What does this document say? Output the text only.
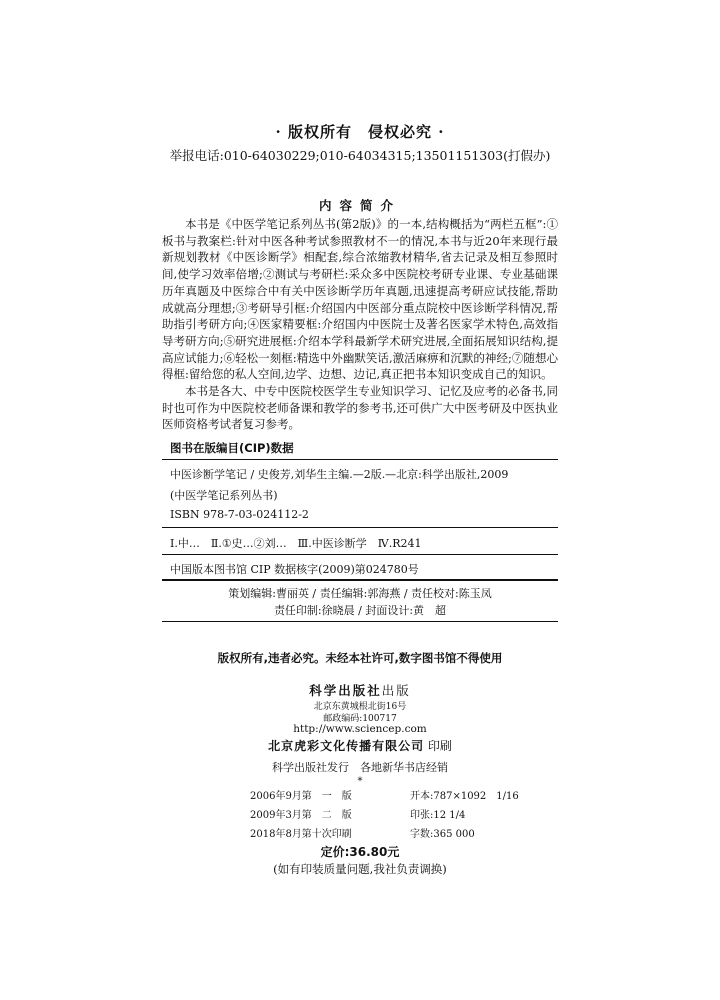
· 版权所有　侵权必究 ·
举报电话:010-64030229;010-64034315;13501151303(打假办)
内容简介

本书是《中医学笔记系列丛书(第2版)》的一本,结构概括为“两栏五框”:①板书与教案栏:针对中医各种考试参照教材不一的情况,本书与近20年来现行最新规划教材《中医诊断学》相配套,综合浓缩教材精华,省去记录及相互参照时间,使学习效率倍增;②测试与考研栏:采众多中医院校考研专业课、专业基础课历年真题及中医综合中有关中医诊断学历年真题,迅速提高考研应试技能,帮助成就高分理想;③考研导引框:介绍国内中医部分重点院校中医诊断学科情况,帮助指引考研方向;④医家精要框:介绍国内中医院士及著名医家学术特色,高效指导考研方向;⑤研究进展框:介绍本学科最新学术研究进展,全面拓展知识结构,提高应试能力;⑥轻松一刻框:精选中外幽默笑话,激活麻痹和沉默的神经;⑦随想心得框:留给您的私人空间,边学、边想、边记,真正把书本知识变成自己的知识。

本书是各大、中专中医院校医学生专业知识学习、记忆及应考的必备书,同时也可作为中医院校老师备课和教学的参考书,还可供广大中医考研及中医执业医师资格考试者复习参考。

图书在版编目(CIP)数据
中医诊断学笔记 / 史俊芳,刘华生主编.—2版.—北京:科学出版社,2009
(中医学笔记系列丛书)
ISBN 978-7-03-024112-2
Ⅰ.中…　Ⅱ.①史…②刘…　Ⅲ.中医诊断学　Ⅳ.R241
中国版本图书馆 CIP 数据核字(2009)第024780号
策划编辑:曹丽英 / 责任编辑:郭海燕 / 责任校对:陈玉凤
责任印制:徐晓晨 / 封面设计:黄　超
版权所有,违者必究。未经本社许可,数字图书馆不得使用
科学出版社出版
北京东黄城根北街16号
邮政编码:100717
http://www.sciencep.com
北京虎彩文化传播有限公司 印刷
科学出版社发行　各地新华书店经销
*
2006年9月第　一　版
2009年3月第　二　版
2018年8月第十次印刷
开本:787×1092　1/16
印张:12 1/4
字数:365 000
定价:36.80元
(如有印装质量问题,我社负责调换)
